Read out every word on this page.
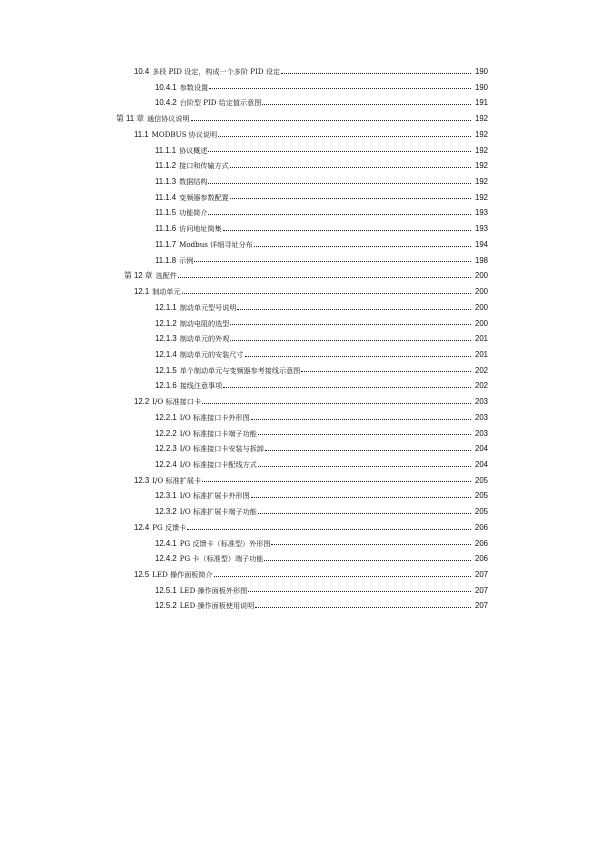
10.4 多段 PID 设定，构成一个多阶 PID 设定	190
10.4.1 参数设置	190
10.4.2 台阶型 PID 给定值示意图	191
第 11 章 通信协议说明	192
11.1 MODBUS 协议说明	192
11.1.1 协议概述	192
11.1.2 接口和传输方式	192
11.1.3 数据结构	192
11.1.4 变频器参数配置	192
11.1.5 功能简介	193
11.1.6 访问地址简集	193
11.1.7 Modbus 详细寻址分布	194
11.1.8 示例	198
第 12 章 选配件	200
12.1 制动单元	200
12.1.1 制动单元型号说明	200
12.1.2 制动电阻的选型	200
12.1.3 制动单元的外观	201
12.1.4 制动单元的安装尺寸	201
12.1.5 单个制动单元与变频器参考接线示意图	202
12.1.6 接线注意事项	202
12.2 I/O 标准接口卡	203
12.2.1 I/O 标准接口卡外形图	203
12.2.2 I/O 标准接口卡端子功能	203
12.2.3 I/O 标准接口卡安装与拆卸	204
12.2.4 I/O 标准接口卡配线方式	204
12.3 I/O 标准扩展卡	205
12.3.1 I/O 标准扩展卡外形图	205
12.3.2 I/O 标准扩展卡端子功能	205
12.4 PG 反馈卡	206
12.4.1 PG 反馈卡（标准型）外形图	206
12.4.2 PG 卡（标准型）端子功能	206
12.5 LED 操作面板简介	207
12.5.1 LED 操作面板外形图	207
12.5.2 LED 操作面板使用说明	207
